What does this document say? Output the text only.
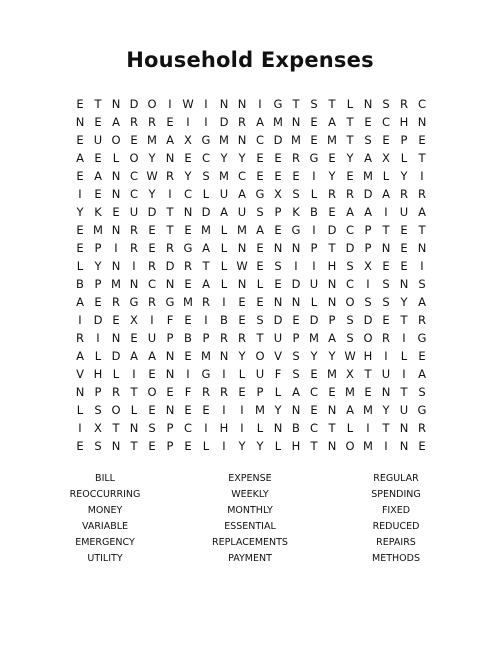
Household Expenses
E T N D O	I W I	N N	I	G T S T L N S R C
N E A R R E	I	I	D R A M N E A T E C H N
E U O E M A X G M N C D M E M T S E P E
A E L O Y N E C Y Y E E R G E Y A X L T
E A N C W R Y S M C E E E	I	Y E M L Y	I
I	E N C Y	I	C L U A G X S L R R D A R R
Y K E U D T N D A U S P K B E A A	I	U A
E M N R E T E M L M A E G	I	D C P T E T
E P	I	R E R G A L N E N N P T D P N E N
L Y N	I	R D R T L W E S	I	I	H S X E E	I
B P M N C N E A L N L E D U N C	I	S N S
A E R G R G M R	I	E E N N L N O S S Y A
I	D E X	I	F E	I	B E S D E D P S D E T R
R	I	N E U P B P R R T U P M A S O R	I	G
A L D A A N E M N Y O V S Y Y W H	I	L E
V H L	I	E N	I	G	I	L U F S E M X T U	I	A
N P R T O E F R R E P L A C E M E N T S
L S O L E N E E	I	I M Y N E N A M Y U G
I	X T N S P C	I	H	I	L N B C T L	I	T N R
E S N T E P E L	I	Y Y L H T N O M I	N E
BILL
REOCCURRING
MONEY
VARIABLE
EMERGENCY
UTILITY
EXPENSE
WEEKLY
MONTHLY
ESSENTIAL
REPLACEMENTS
PAYMENT
REGULAR
SPENDING
FIXED
REDUCED
REPAIRS
METHODS
